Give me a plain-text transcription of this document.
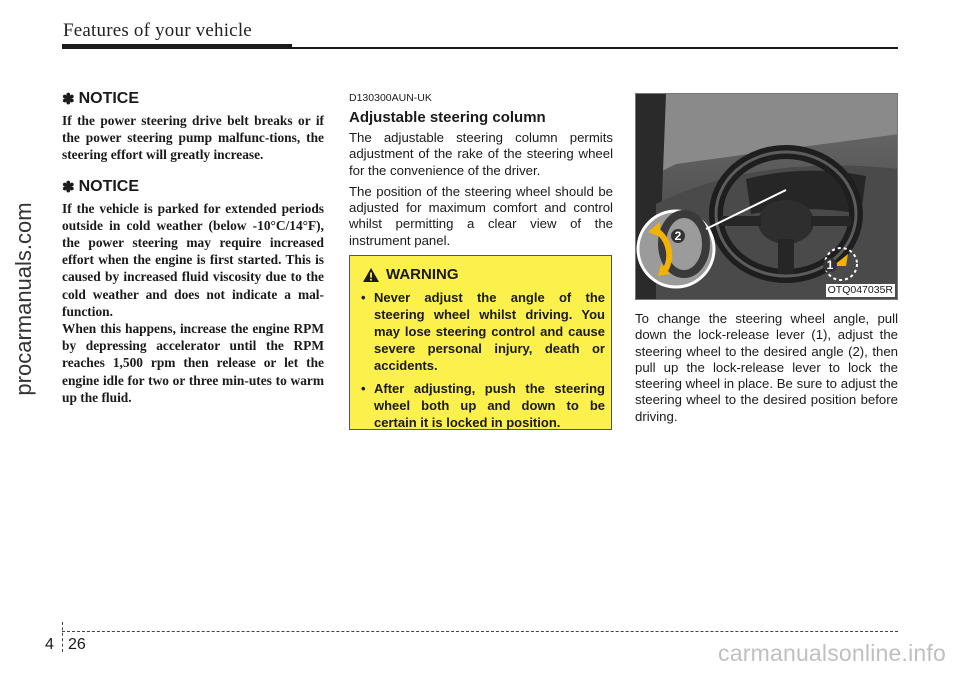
Features of your vehicle
procarmanuals.com
✽ NOTICE

If the power steering drive belt breaks or if the power steering pump malfunc-tions, the steering effort will greatly increase.

✽ NOTICE

If the vehicle is parked for extended periods outside in cold weather (below -10°C/14°F), the power steering may require increased effort when the engine is first started. This is caused by increased fluid viscosity due to the cold weather and does not indicate a mal-function.

When this happens, increase the engine RPM by depressing accelerator until the RPM reaches 1,500 rpm then release or let the engine idle for two or three min-utes to warm up the fluid.

D130300AUN-UK
Adjustable steering column

The adjustable steering column permits adjustment of the rake of the steering wheel for the convenience of the driver.

The position of the steering wheel should be adjusted for maximum comfort and control whilst permitting a clear view of the instrument panel.

WARNING
• Never adjust the angle of the steering wheel whilst driving. You may lose steering control and cause severe personal injury, death or accidents.
• After adjusting, push the steering wheel both up and down to be certain it is locked in position.
2
1
OTQ047035R

To change the steering wheel angle, pull down the lock-release lever (1), adjust the steering wheel to the desired angle (2), then pull up the lock-release lever to lock the steering wheel in place. Be sure to adjust the steering wheel to the desired position before driving.

4 26	carmanualsonline.info
